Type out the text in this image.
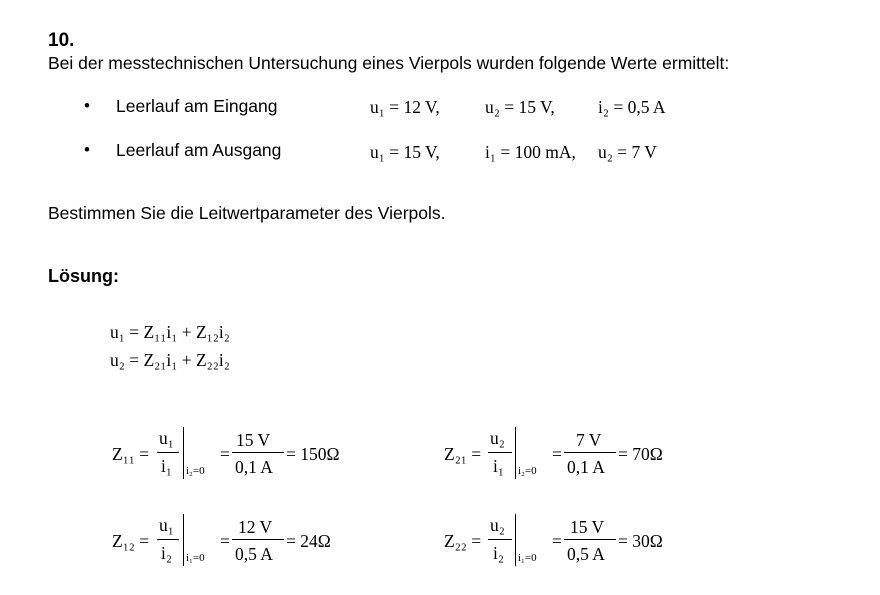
10.
Bei der messtechnischen Untersuchung eines Vierpols wurden folgende Werte ermittelt:
• Leerlauf am Eingang	u₁ = 12 V,	u₂ = 15 V, i₂ = 0,5 A
• Leerlauf am Ausgang	u₁ = 15 V,	i₁ = 100 mA, u₂ = 7 V
Bestimmen Sie die Leitwertparameter des Vierpols.
Lösung:
u₁ = Z₁₁i₁ + Z₁₂i₂
u₂ = Z₂₁i₁ + Z₂₂i₂
Z₁₁ =
u₁
i₁ i₂=0
=
15 V
0,1 A
= 150Ω	Z₂₁ =
u₂
i₁ i₂=0
=
7 V
0,1 A
= 70Ω
Z₁₂ =
u₁
i₂ i₁=0
=
12 V
0,5 A
= 24Ω	Z₂₂ =
u₂
i₂ i₁=0
=
15 V
0,5 A
= 30Ω
